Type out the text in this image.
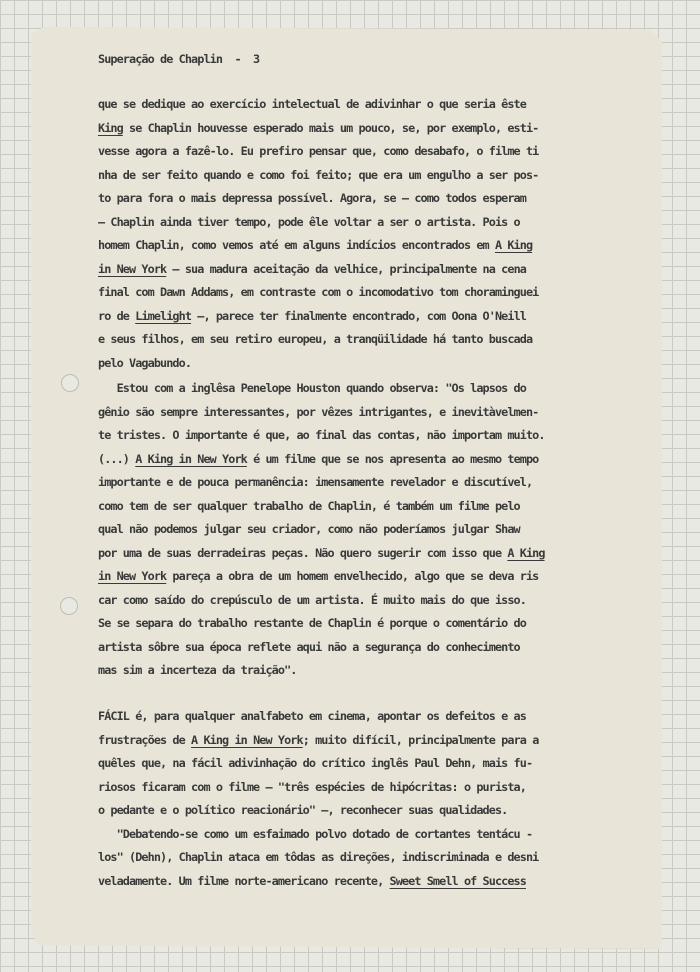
Superação de Chaplin  -  3

que se dedique ao exercício intelectual de adivinhar o que seria êste
King se Chaplin houvesse esperado mais um pouco, se, por exemplo, esti-
vesse agora a fazê-lo. Eu prefiro pensar que, como desabafo, o filme ti
nha de ser feito quando e como foi feito; que era um engulho a ser pos-
to para fora o mais depressa possível. Agora, se — como todos esperam
— Chaplin ainda tiver tempo, pode êle voltar a ser o artista. Pois o
homem Chaplin, como vemos até em alguns indícios encontrados em A King
in New York — sua madura aceitação da velhice, principalmente na cena
final com Dawn Addams, em contraste com o incomodativo tom choraminguei
ro de Limelight —, parece ter finalmente encontrado, com Oona O'Neill
e seus filhos, em seu retiro europeu, a tranqüilidade há tanto buscada
pelo Vagabundo.
Estou com a inglêsa Penelope Houston quando observa: "Os lapsos do
gênio são sempre interessantes, por vêzes intrigantes, e inevitàvelmen-
te tristes. O importante é que, ao final das contas, não importam muito.
(...) A King in New York é um filme que se nos apresenta ao mesmo tempo
importante e de pouca permanência: imensamente revelador e discutível,
como tem de ser qualquer trabalho de Chaplin, é também um filme pelo
qual não podemos julgar seu criador, como não poderíamos julgar Shaw
por uma de suas derradeiras peças. Não quero sugerir com isso que A King
in New York pareça a obra de um homem envelhecido, algo que se deva ris
car como saído do crepúsculo de um artista. É muito mais do que isso.
Se se separa do trabalho restante de Chaplin é porque o comentário do
artista sôbre sua época reflete aqui não a segurança do conhecimento
mas sim a incerteza da traição".
FÁCIL é, para qualquer analfabeto em cinema, apontar os defeitos e as
frustrações de A King in New York; muito difícil, principalmente para a
quêles que, na fácil adivinhação do crítico inglês Paul Dehn, mais fu-
riosos ficaram com o filme — "três espécies de hipócritas: o purista,
o pedante e o político reacionário" —, reconhecer suas qualidades.
"Debatendo-se como um esfaimado polvo dotado de cortantes tentácu -
los" (Dehn), Chaplin ataca em tôdas as direções, indiscriminada e desni
veladamente. Um filme norte-americano recente, Sweet Smell of Success
